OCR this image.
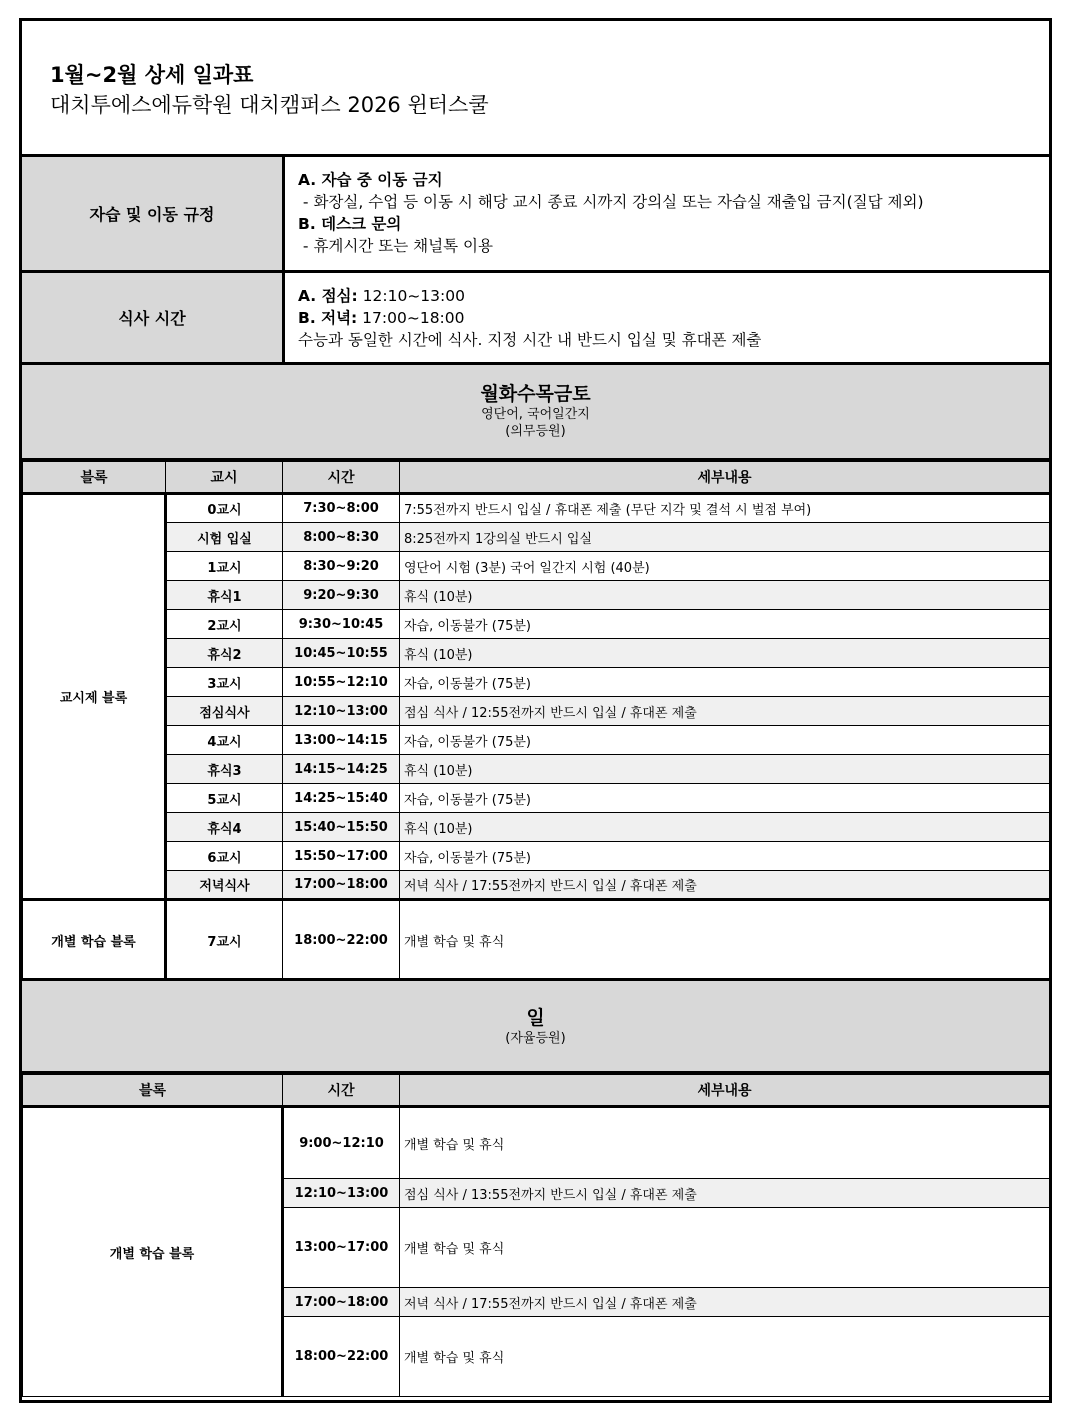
1월~2월 상세 일과표
대치투에스에듀학원 대치캠퍼스 2026 윈터스쿨
자습 및 이동 규정
A. 자습 중 이동 금지
- 화장실, 수업 등 이동 시 해당 교시 종료 시까지 강의실 또는 자습실 재출입 금지(질답 제외)
B. 데스크 문의
- 휴게시간 또는 채널톡 이용
식사 시간
A. 점심: 12:10~13:00
B. 저녁: 17:00~18:00
수능과 동일한 시간에 식사. 지정 시간 내 반드시 입실 및 휴대폰 제출
월화수목금토
영단어, 국어일간지
(의무등원)
블록	교시	시간	세부내용
교시제 블록	0교시	7:30~8:00	7:55전까지 반드시 입실 / 휴대폰 제출 (무단 지각 및 결석 시 벌점 부여)
	시험 입실	8:00~8:30	8:25전까지 1강의실 반드시 입실
	1교시	8:30~9:20	영단어 시험 (3분) 국어 일간지 시험 (40분)
	휴식1	9:20~9:30	휴식 (10분)
	2교시	9:30~10:45	자습, 이동불가 (75분)
	휴식2	10:45~10:55	휴식 (10분)
	3교시	10:55~12:10	자습, 이동불가 (75분)
	점심식사	12:10~13:00	점심 식사 / 12:55전까지 반드시 입실 / 휴대폰 제출
	4교시	13:00~14:15	자습, 이동불가 (75분)
	휴식3	14:15~14:25	휴식 (10분)
	5교시	14:25~15:40	자습, 이동불가 (75분)
	휴식4	15:40~15:50	휴식 (10분)
	6교시	15:50~17:00	자습, 이동불가 (75분)
	저녁식사	17:00~18:00	저녁 식사 / 17:55전까지 반드시 입실 / 휴대폰 제출
개별 학습 블록	7교시	18:00~22:00	개별 학습 및 휴식
일
(자율등원)
블록	시간	세부내용
개별 학습 블록	9:00~12:10	개별 학습 및 휴식
	12:10~13:00	점심 식사 / 13:55전까지 반드시 입실 / 휴대폰 제출
	13:00~17:00	개별 학습 및 휴식
	17:00~18:00	저녁 식사 / 17:55전까지 반드시 입실 / 휴대폰 제출
	18:00~22:00	개별 학습 및 휴식
